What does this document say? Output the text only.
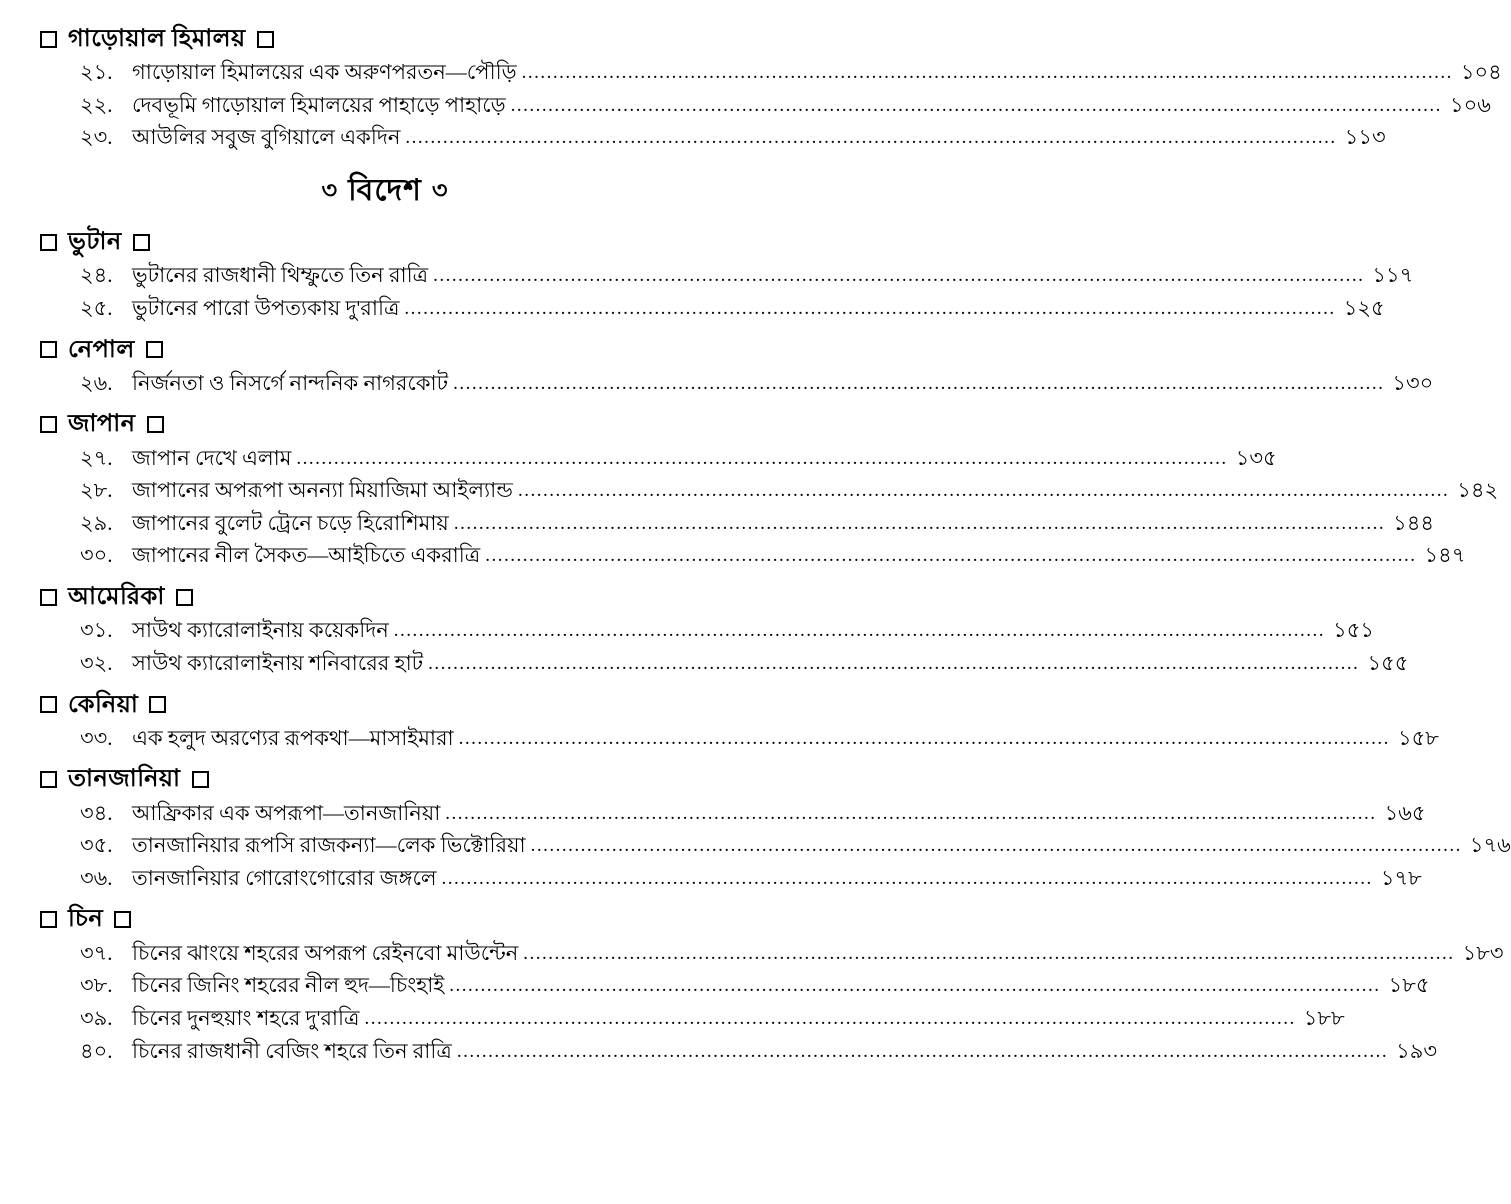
গাড়োয়াল হিমালয়
২১. গাড়োয়াল হিমালয়ের এক অরুণপরতন—পৌড়ি ..................................................................................................................................................... ১০৪
২২. দেবভূমি গাড়োয়াল হিমালয়ের পাহাড়ে পাহাড়ে ..................................................................................................................................................... ১০৬
২৩. আউলির সবুজ বুগিয়ালে একদিন ..................................................................................................................................................... ১১৩
৩ বিদেশ ৩
ভুটান
২৪. ভুটানের রাজধানী থিম্ফুতে তিন রাত্রি ..................................................................................................................................................... ১১৭
২৫. ভুটানের পারো উপত্যকায় দু'রাত্রি ..................................................................................................................................................... ১২৫
নেপাল
২৬. নির্জনতা ও নিসর্গে নান্দনিক নাগরকোট ..................................................................................................................................................... ১৩০
জাপান
২৭. জাপান দেখে এলাম ..................................................................................................................................................... ১৩৫
২৮. জাপানের অপরূপা অনন্যা মিয়াজিমা আইল্যান্ড ..................................................................................................................................................... ১৪২
২৯. জাপানের বুলেট ট্রেনে চড়ে হিরোশিমায় ..................................................................................................................................................... ১৪৪
৩০. জাপানের নীল সৈকত—আইচিতে একরাত্রি ..................................................................................................................................................... ১৪৭
আমেরিকা
৩১. সাউথ ক্যারোলাইনায় কয়েকদিন ..................................................................................................................................................... ১৫১
৩২. সাউথ ক্যারোলাইনায় শনিবারের হাট ..................................................................................................................................................... ১৫৫
কেনিয়া
৩৩. এক হলুদ অরণ্যের রূপকথা—মাসাইমারা ..................................................................................................................................................... ১৫৮
তানজানিয়া
৩৪. আফ্রিকার এক অপরূপা—তানজানিয়া ..................................................................................................................................................... ১৬৫
৩৫. তানজানিয়ার রূপসি রাজকন্যা—লেক ভিক্টোরিয়া ..................................................................................................................................................... ১৭৬
৩৬. তানজানিয়ার গোরোংগোরোর জঙ্গলে ..................................................................................................................................................... ১৭৮
চিন
৩৭. চিনের ঝাংয়ে শহরের অপরূপ রেইনবো মাউন্টেন ..................................................................................................................................................... ১৮৩
৩৮. চিনের জিনিং শহরের নীল হুদ—চিংহাই ..................................................................................................................................................... ১৮৫
৩৯. চিনের দুনহুয়াং শহরে দু'রাত্রি ..................................................................................................................................................... ১৮৮
৪০. চিনের রাজধানী বেজিং শহরে তিন রাত্রি ..................................................................................................................................................... ১৯৩
